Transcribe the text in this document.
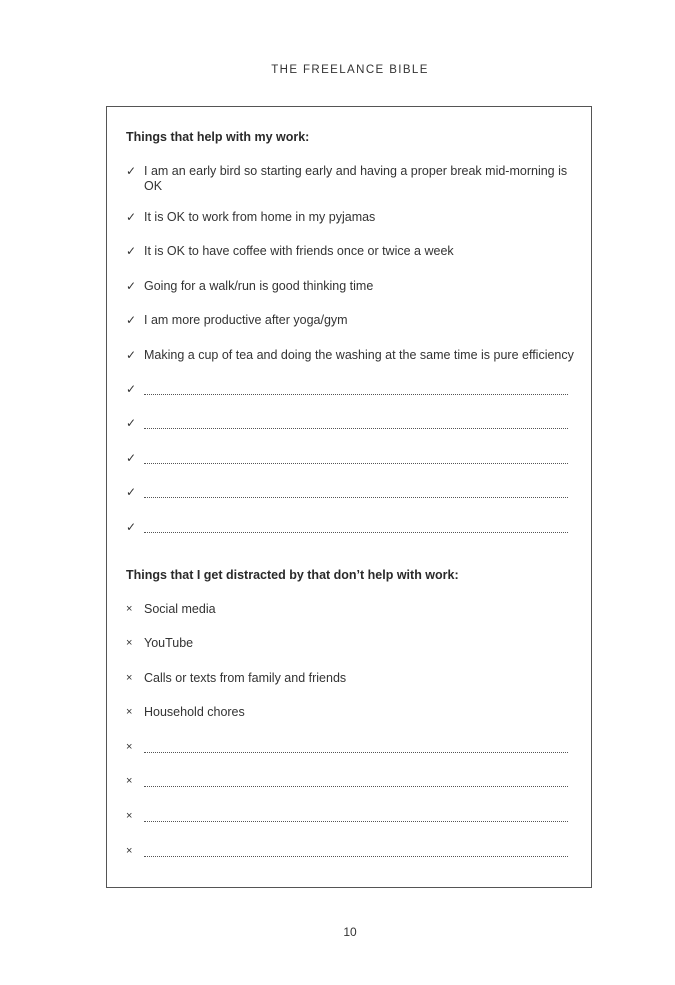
THE FREELANCE BIBLE
Things that help with my work:
✓ I am an early bird so starting early and having a proper break mid-morning is OK
✓ It is OK to work from home in my pyjamas
✓ It is OK to have coffee with friends once or twice a week
✓ Going for a walk/run is good thinking time
✓ I am more productive after yoga/gym
✓ Making a cup of tea and doing the washing at the same time is pure efficiency
✓
✓
✓
✓
✓
Things that I get distracted by that don’t help with work:
× Social media
× YouTube
× Calls or texts from family and friends
× Household chores
×
×
×
×
10
